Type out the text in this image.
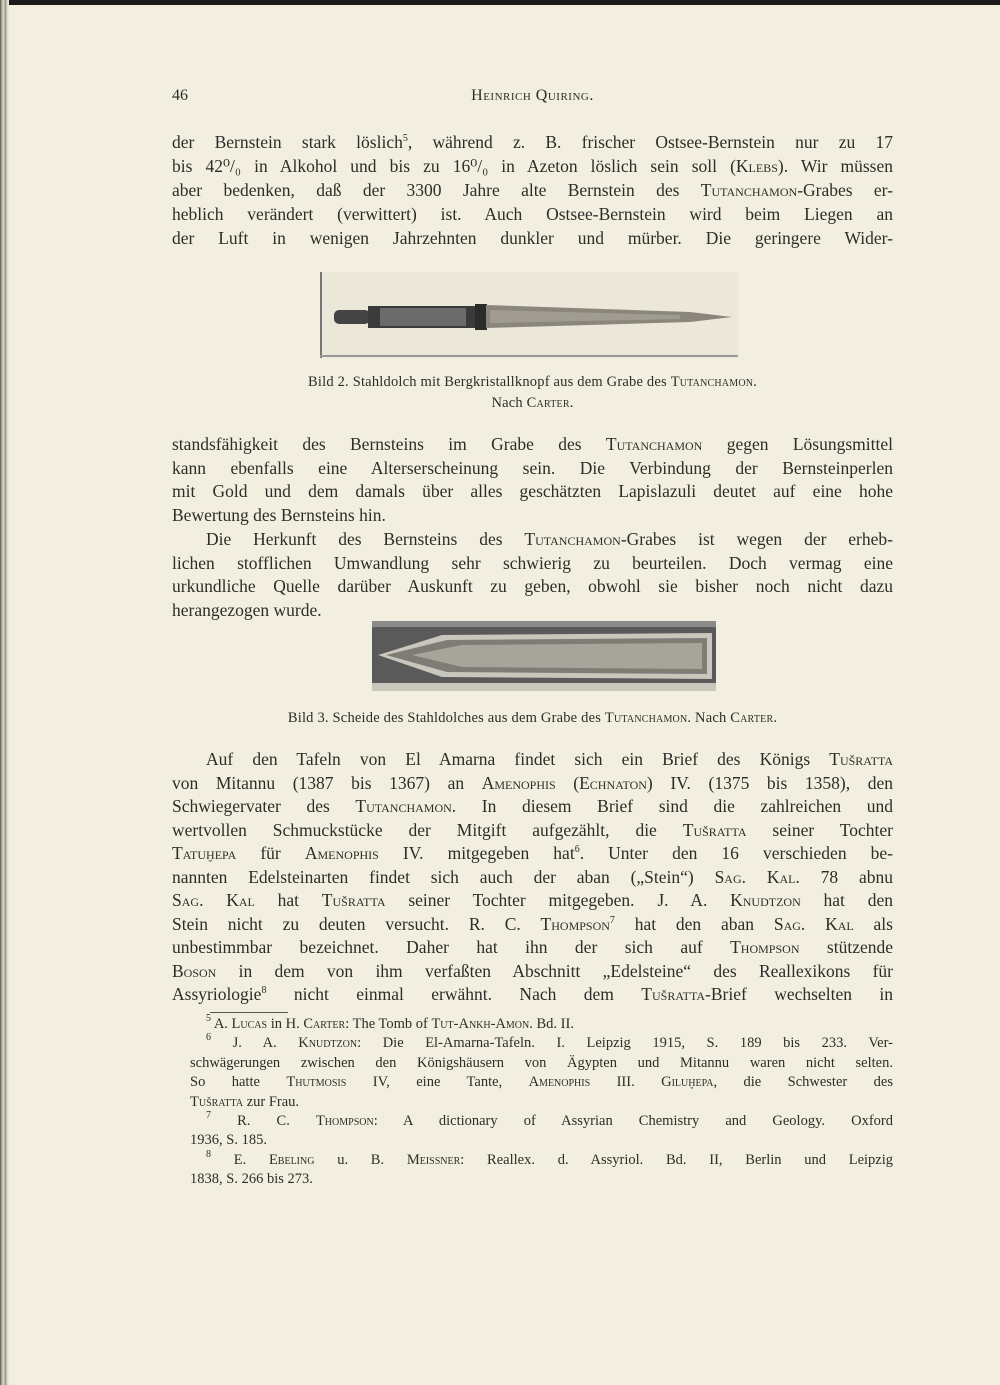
46	Heinrich Quiring.
der Bernstein stark löslich$^5$, während z. B. frischer Ostsee-Bernstein nur zu 17
bis 42⁰/₀ in Alkohol und bis zu 16⁰/₀ in Azeton löslich sein soll (Klebs). Wir müssen
aber bedenken, daß der 3300 Jahre alte Bernstein des Tutanchamon-Grabes er-
heblich verändert (verwittert) ist. Auch Ostsee-Bernstein wird beim Liegen an
der Luft in wenigen Jahrzehnten dunkler und mürber. Die geringere Wider-
Bild 2. Stahldolch mit Bergkristallknopf aus dem Grabe des Tutanchamon.
Nach Carter.
standsfähigkeit des Bernsteins im Grabe des Tutanchamon gegen Lösungsmittel
kann ebenfalls eine Alterserscheinung sein. Die Verbindung der Bernsteinperlen
mit Gold und dem damals über alles geschätzten Lapislazuli deutet auf eine hohe
Bewertung des Bernsteins hin.
Die Herkunft des Bernsteins des Tutanchamon-Grabes ist wegen der erheb-
lichen stofflichen Umwandlung sehr schwierig zu beurteilen. Doch vermag eine
urkundliche Quelle darüber Auskunft zu geben, obwohl sie bisher noch nicht dazu
herangezogen wurde.
Bild 3. Scheide des Stahldolches aus dem Grabe des Tutanchamon. Nach Carter.
Auf den Tafeln von El Amarna findet sich ein Brief des Königs Tušratta
von Mitannu (1387 bis 1367) an Amenophis (Echnaton) IV. (1375 bis 1358), den
Schwiegervater des Tutanchamon. In diesem Brief sind die zahlreichen und
wertvollen Schmuckstücke der Mitgift aufgezählt, die Tušratta seiner Tochter
Tatuḫepa für Amenophis IV. mitgegeben hat$^6$. Unter den 16 verschieden be-
nannten Edelsteinarten findet sich auch der aban („Stein“) Sag. Kal. 78 abnu
Sag. Kal hat Tušratta seiner Tochter mitgegeben. J. A. Knudtzon hat den
Stein nicht zu deuten versucht. R. C. Thompson$^7$ hat den aban Sag. Kal als
unbestimmbar bezeichnet. Daher hat ihn der sich auf Thompson stützende
Boson in dem von ihm verfaßten Abschnitt „Edelsteine“ des Reallexikons für
Assyriologie$^8$ nicht einmal erwähnt. Nach dem Tušratta-Brief wechselten in
$^5$ A. Lucas in H. Carter: The Tomb of Tut-Ankh-Amon. Bd. II.
$^6$ J. A. Knudtzon: Die El-Amarna-Tafeln. I. Leipzig 1915, S. 189 bis 233. Ver-
schwägerungen zwischen den Königshäusern von Ägypten und Mitannu waren nicht selten.
So hatte Thutmosis IV, eine Tante, Amenophis III. Giluḫepa, die Schwester des
Tušratta zur Frau.
$^7$ R. C. Thompson: A dictionary of Assyrian Chemistry and Geology. Oxford
1936, S. 185.
$^8$ E. Ebeling u. B. Meissner: Reallex. d. Assyriol. Bd. II, Berlin und Leipzig
1838, S. 266 bis 273.
